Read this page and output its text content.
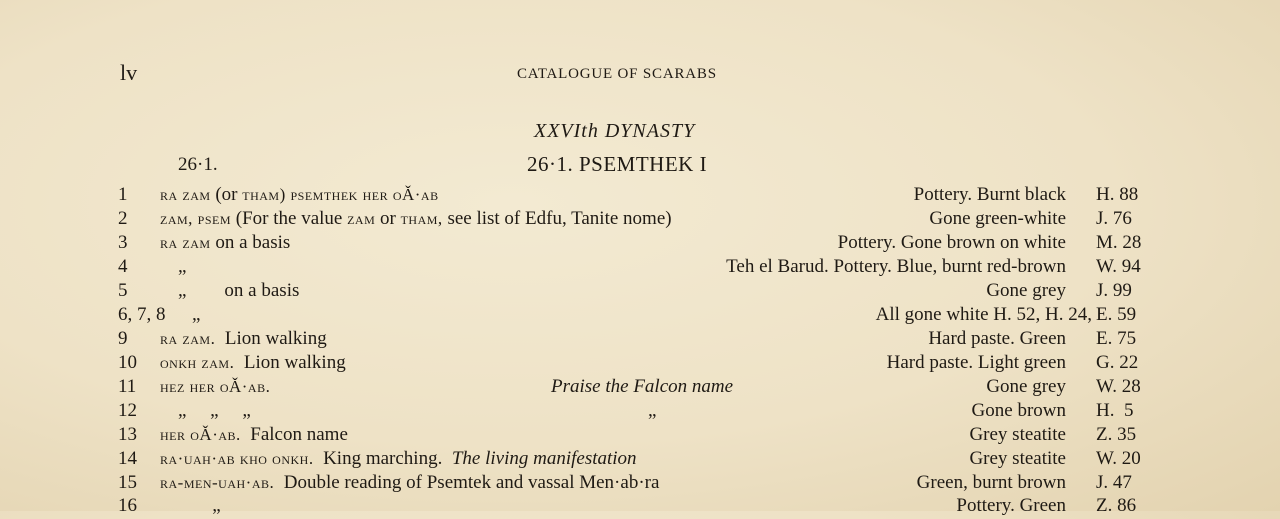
lv	CATALOGUE OF SCARABS
XXVIth DYNASTY
26·1.	26·1. PSEMTHEK I
1	ra zam (or tham) psemthek her oǍ·ab	Pottery. Burnt black H. 88
2	zam, psem (For the value zam or tham, see list of Edfu, Tanite nome)	Gone green-white J. 76
3	ra zam on a basis	Pottery. Gone brown on white M. 28
4	„	Teh el Barud. Pottery. Blue, burnt red-brown W. 94
5	„        on a basis	Gone grey J. 99
6, 7, 8	„	All gone white H. 52, H. 24, E. 59
9	ra zam.  Lion walking	Hard paste. Green E. 75
10	onkh zam.  Lion walking	Hard paste. Light green G. 22
11	hez her oǍ·ab.	Praise the Falcon name	Gone grey W. 28
12	„     „     „	„	Gone brown H.  5
13	her oǍ·ab.  Falcon name	Grey steatite Z. 35
14	ra·uah·ab kho onkh.  King marching.  The living manifestation	Grey steatite W. 20
15	ra-men-uah·ab.  Double reading of Psemtek and vassal Men·ab·ra	Green, burnt brown J. 47
16	„	Pottery. Green Z. 86
